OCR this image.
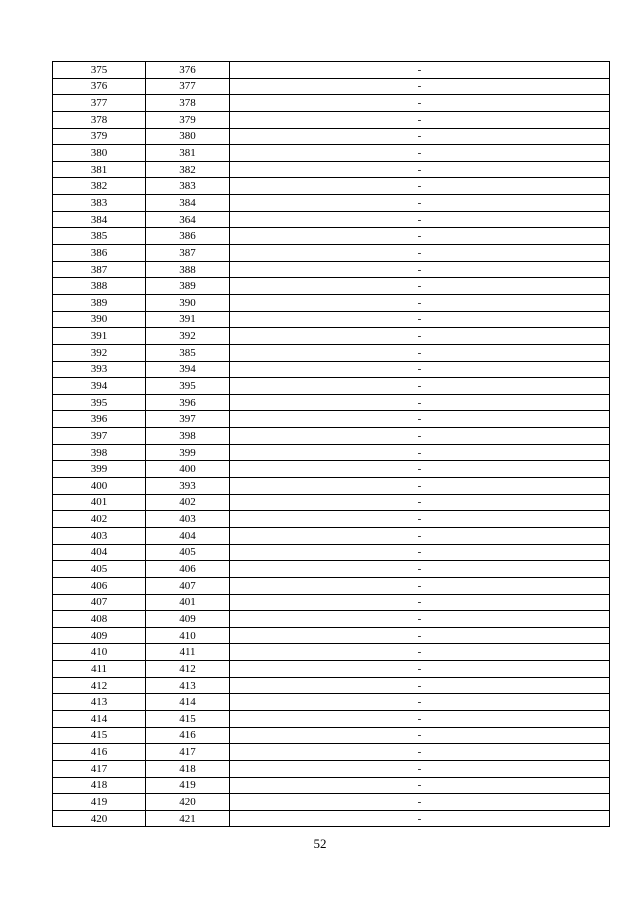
375	376	-
376	377	-
377	378	-
378	379	-
379	380	-
380	381	-
381	382	-
382	383	-
383	384	-
384	364	-
385	386	-
386	387	-
387	388	-
388	389	-
389	390	-
390	391	-
391	392	-
392	385	-
393	394	-
394	395	-
395	396	-
396	397	-
397	398	-
398	399	-
399	400	-
400	393	-
401	402	-
402	403	-
403	404	-
404	405	-
405	406	-
406	407	-
407	401	-
408	409	-
409	410	-
410	411	-
411	412	-
412	413	-
413	414	-
414	415	-
415	416	-
416	417	-
417	418	-
418	419	-
419	420	-
420	421	-
52
